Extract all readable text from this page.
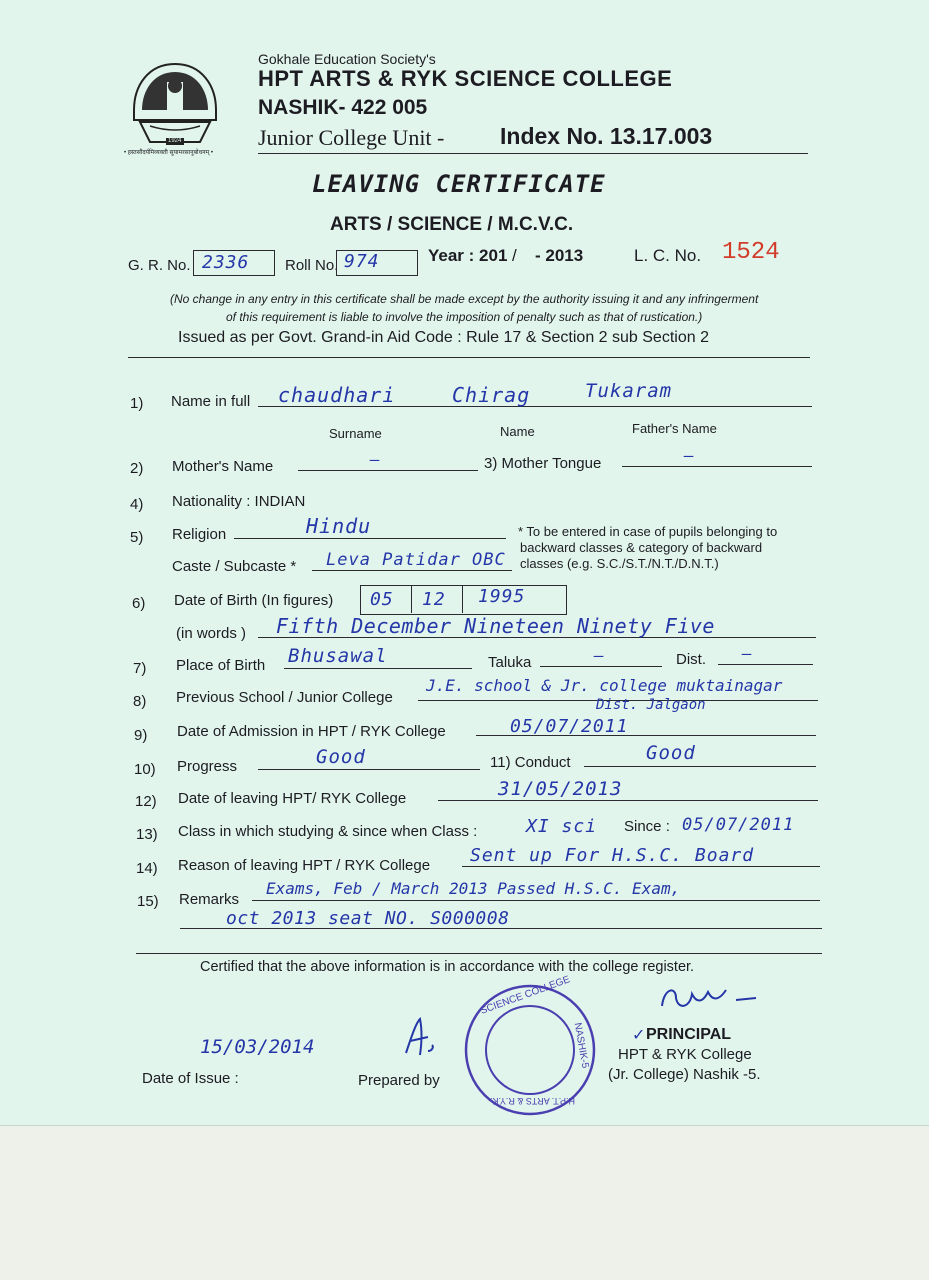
1924
• हस्तसौंदर्यमिव्यक्ती सुयामरसानुबोधनम् •
Gokhale Education Society's
HPT ARTS & RYK SCIENCE COLLEGE
NASHIK- 422 005
Junior College Unit - Index No. 13.17.003
LEAVING CERTIFICATE
ARTS / SCIENCE / M.C.V.C.
G. R. No. 2336 Roll No. 974	Year : 201 / - 2013	L. C. No. 1524
(No change in any entry in this certificate shall be made except by the authority issuing it and any infringerment
of this requirement is liable to involve the imposition of penalty such as that of rustication.)
Issued as per Govt. Grand-in Aid Code : Rule 17 & Section 2 sub Section 2
1) Name in full chaudhari	Chirag	Tukaram
Surname	Name	Father's Name
2) Mother's Name	–	3) Mother Tongue	–
4) Nationality : INDIAN
5) Religion	Hindu	* To be entered in case of pupils belonging to
backward classes & category of backward
classes (e.g. S.C./S.T./N.T./D.N.T.)
Caste / Subcaste * Leva Patidar OBC
6) Date of Birth (In figures) 05 12 1995
(in words ) Fifth December Nineteen Ninety Five
7) Place of Birth Bhusawal	Taluka	–	Dist. –
8) Previous School / Junior College
J.E. school & Jr. college muktainagar
Dist. Jalgaon
9) Date of Admission in HPT / RYK College	05/07/2011
10) Progress	Good	11) Conduct	Good
12) Date of leaving HPT/ RYK College	31/05/2013
13) Class in which studying & since when Class :	XI sci Since : 05/07/2011
14) Reason of leaving HPT / RYK College Sent up For H.S.C. Board
15) Remarks
Exams, Feb / March 2013 Passed H.S.C. Exam,
oct 2013 seat NO. S000008
Certified that the above information is in accordance with the college register.
15/03/2014
Date of Issue :	Prepared by
SCIENCE COLLEGE
NASHIK-5
H.P.T. ARTS & R.Y.K.
✓ PRINCIPAL
HPT & RYK College
(Jr. College) Nashik -5.
